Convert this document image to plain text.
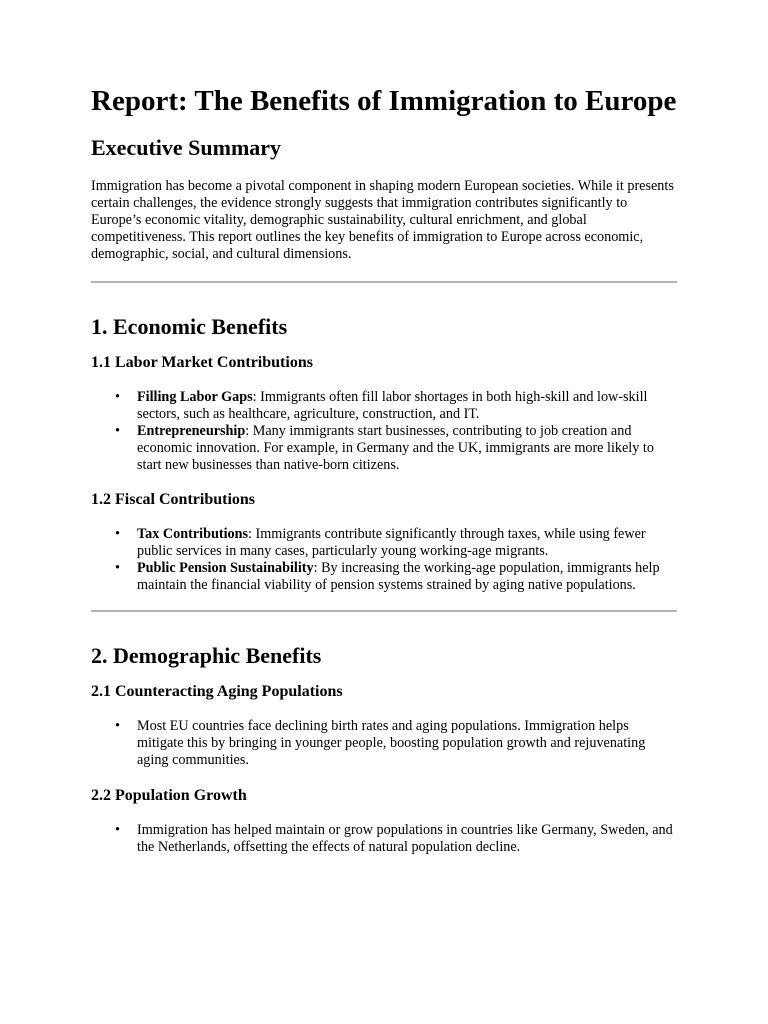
Report: The Benefits of Immigration to Europe
Executive Summary

Immigration has become a pivotal component in shaping modern European societies. While it presents certain challenges, the evidence strongly suggests that immigration contributes significantly to Europe’s economic vitality, demographic sustainability, cultural enrichment, and global competitiveness. This report outlines the key benefits of immigration to Europe across economic, demographic, social, and cultural dimensions.

1. Economic Benefits
1.1 Labor Market Contributions
• Filling Labor Gaps: Immigrants often fill labor shortages in both high-skill and low-skill sectors, such as healthcare, agriculture, construction, and IT.
• Entrepreneurship: Many immigrants start businesses, contributing to job creation and economic innovation. For example, in Germany and the UK, immigrants are more likely to start new businesses than native-born citizens.
1.2 Fiscal Contributions
• Tax Contributions: Immigrants contribute significantly through taxes, while using fewer public services in many cases, particularly young working-age migrants.
• Public Pension Sustainability: By increasing the working-age population, immigrants help maintain the financial viability of pension systems strained by aging native populations.
2. Demographic Benefits
2.1 Counteracting Aging Populations
• Most EU countries face declining birth rates and aging populations. Immigration helps mitigate this by bringing in younger people, boosting population growth and rejuvenating aging communities.
2.2 Population Growth
• Immigration has helped maintain or grow populations in countries like Germany, Sweden, and the Netherlands, offsetting the effects of natural population decline.
